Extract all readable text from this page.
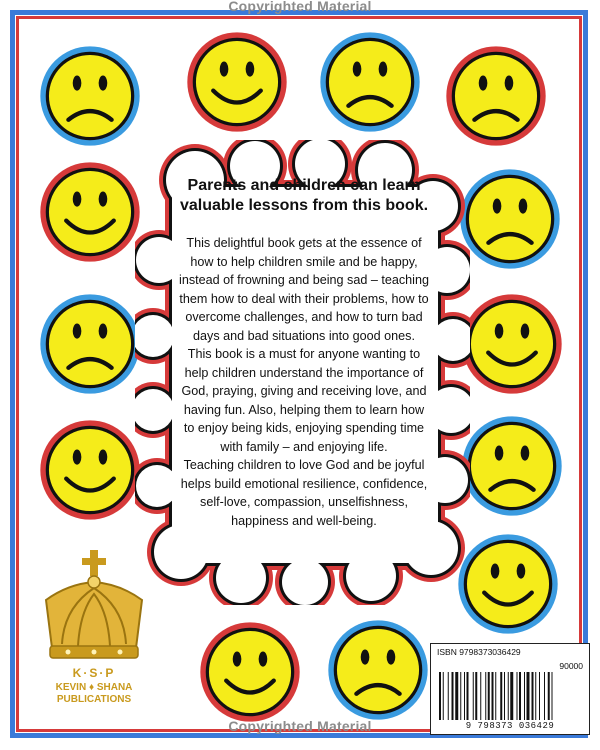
Copyrighted Material
Parents and children can learn valuable lessons from this book.

This delightful book gets at the essence of how to help children smile and be happy, instead of frowning and being sad – teaching them how to deal with their problems, how to overcome challenges, and how to turn bad days and bad situations into good ones.

This book is a must for anyone wanting to help children understand the importance of God, praying, giving and receiving love, and having fun. Also, helping them to learn how to enjoy being kids, enjoying spending time with family – and enjoying life.

Teaching children to love God and be joyful helps build emotional resilience, confidence, self-love, compassion, unselfishness, happiness and well-being.

K·S·P
KEVIN ♦ SHANA
PUBLICATIONS
ISBN 9798373036429
90000
9 798373 036429
Copyrighted Material
